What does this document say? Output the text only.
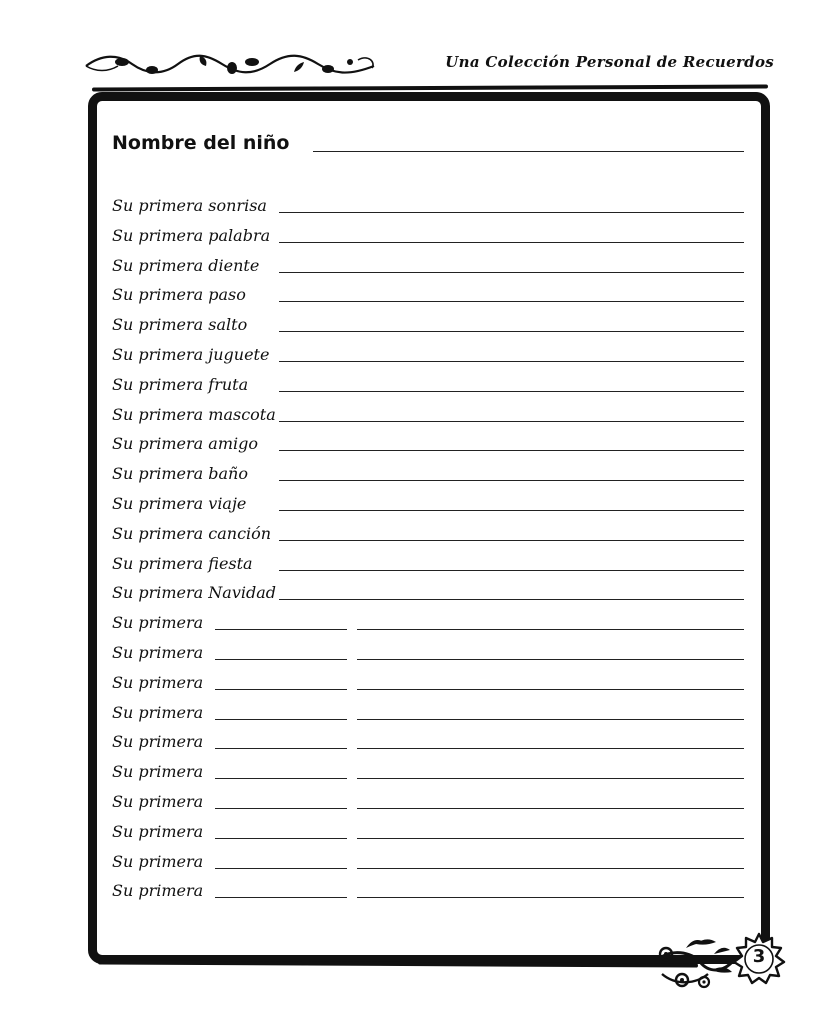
Una Colección Personal de Recuerdos
Nombre del niño
Su primera sonrisa
Su primera palabra
Su primera diente
Su primera paso
Su primera salto
Su primera juguete
Su primera fruta
Su primera mascota
Su primera amigo
Su primera baño
Su primera viaje
Su primera canción
Su primera fiesta
Su primera Navidad
Su primera
Su primera
Su primera
Su primera
Su primera
Su primera
Su primera
Su primera
Su primera
Su primera
3
